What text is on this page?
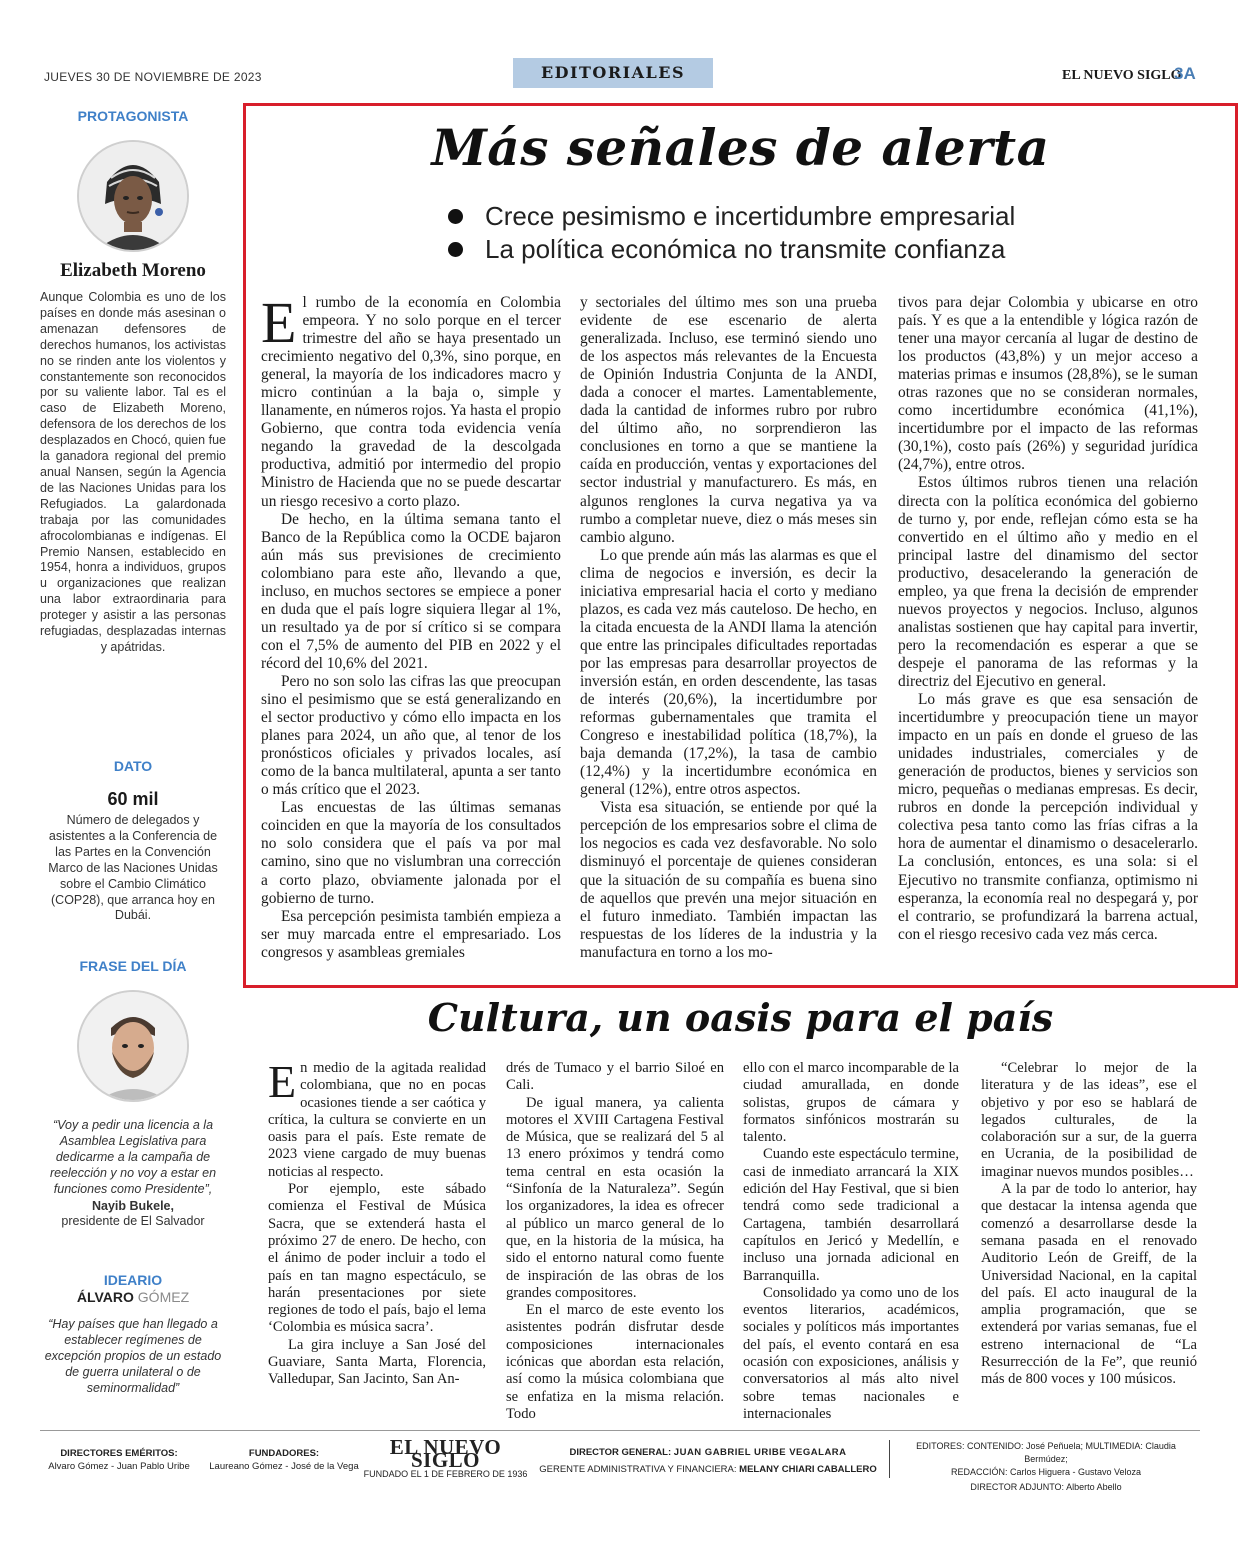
JUEVES 30 DE NOVIEMBRE DE 2023	EDITORIALES	EL NUEVO SIGLO
3A
PROTAGONISTA
Elizabeth Moreno
Aunque Colombia es uno de los países en donde más asesinan o amenazan defensores de derechos humanos, los activistas no se rinden ante los violentos y constantemente son reconocidos por su valiente labor. Tal es el caso de Elizabeth Moreno, defensora de los derechos de los desplazados en Chocó, quien fue la ganadora regional del premio anual Nansen, según la Agencia de las Naciones Unidas para los Refugiados. La galardonada trabaja por las comunidades afrocolombianas e indígenas. El Premio Nansen, establecido en 1954, honra a individuos, grupos u organizaciones que realizan una labor extraordinaria para proteger y asistir a las personas refugiadas, desplazadas internas y apátridas.
DATO
60 mil
Número de delegados y asistentes a la Conferencia de las Partes en la Convención Marco de las Naciones Unidas sobre el Cambio Climático (COP28), que arranca hoy en Dubái.
FRASE DEL DÍA
“Voy a pedir una licencia a la Asamblea Legislativa para dedicarme a la campaña de reelección y no voy a estar en funciones como Presidente”,
Nayib Bukele,
presidente de El Salvador
IDEARIO
ÁLVARO GÓMEZ
“Hay países que han llegado a establecer regímenes de excepción propios de un estado de guerra unilateral o de seminormalidad”
Más señales de alerta
Crece pesimismo e incertidumbre empresarial
La política económica no transmite confianza

El rumbo de la economía en Colombia empeora. Y no solo porque en el tercer trimestre del año se haya presentado un crecimiento negativo del 0,3%, sino porque, en general, la mayoría de los indicadores macro y micro continúan a la baja o, simple y llanamente, en números rojos. Ya hasta el propio Gobierno, que contra toda evidencia venía negando la gravedad de la descolgada productiva, admitió por intermedio del propio Ministro de Hacienda que no se puede descartar un riesgo recesivo a corto plazo.

De hecho, en la última semana tanto el Banco de la República como la OCDE bajaron aún más sus previsiones de crecimiento colombiano para este año, llevando a que, incluso, en muchos sectores se empiece a poner en duda que el país logre siquiera llegar al 1%, un resultado ya de por sí crítico si se compara con el 7,5% de aumento del PIB en 2022 y el récord del 10,6% del 2021.

Pero no son solo las cifras las que preocupan sino el pesimismo que se está generalizando en el sector productivo y cómo ello impacta en los planes para 2024, un año que, al tenor de los pronósticos oficiales y privados locales, así como de la banca multilateral, apunta a ser tanto o más crítico que el 2023.

Las encuestas de las últimas semanas coinciden en que la mayoría de los consultados no solo considera que el país va por mal camino, sino que no vislumbran una corrección a corto plazo, obviamente jalonada por el gobierno de turno.

Esa percepción pesimista también empieza a ser muy marcada entre el empresariado. Los congresos y asambleas gremiales

y sectoriales del último mes son una prueba evidente de ese escenario de alerta generalizada. Incluso, ese terminó siendo uno de los aspectos más relevantes de la Encuesta de Opinión Industria Conjunta de la ANDI, dada a conocer el martes. Lamentablemente, dada la cantidad de informes rubro por rubro del último año, no sorprendieron las conclusiones en torno a que se mantiene la caída en producción, ventas y exportaciones del sector industrial y manufacturero. Es más, en algunos renglones la curva negativa ya va rumbo a completar nueve, diez o más meses sin cambio alguno.

Lo que prende aún más las alarmas es que el clima de negocios e inversión, es decir la iniciativa empresarial hacia el corto y mediano plazos, es cada vez más cauteloso. De hecho, en la citada encuesta de la ANDI llama la atención que entre las principales dificultades reportadas por las empresas para desarrollar proyectos de inversión están, en orden descendente, las tasas de interés (20,6%), la incertidumbre por reformas gubernamentales que tramita el Congreso e inestabilidad política (18,7%), la baja demanda (17,2%), la tasa de cambio (12,4%) y la incertidumbre económica en general (12%), entre otros aspectos.

Vista esa situación, se entiende por qué la percepción de los empresarios sobre el clima de los negocios es cada vez desfavorable. No solo disminuyó el porcentaje de quienes consideran que la situación de su compañía es buena sino de aquellos que prevén una mejor situación en el futuro inmediato. También impactan las respuestas de los líderes de la industria y la manufactura en torno a los mo-

tivos para dejar Colombia y ubicarse en otro país. Y es que a la entendible y lógica razón de tener una mayor cercanía al lugar de destino de los productos (43,8%) y un mejor acceso a materias primas e insumos (28,8%), se le suman otras razones que no se consideran normales, como incertidumbre económica (41,1%), incertidumbre por el impacto de las reformas (30,1%), costo país (26%) y seguridad jurídica (24,7%), entre otros.

Estos últimos rubros tienen una relación directa con la política económica del gobierno de turno y, por ende, reflejan cómo esta se ha convertido en el último año y medio en el principal lastre del dinamismo del sector productivo, desacelerando la generación de empleo, ya que frena la decisión de emprender nuevos proyectos y negocios. Incluso, algunos analistas sostienen que hay capital para invertir, pero la recomendación es esperar a que se despeje el panorama de las reformas y la directriz del Ejecutivo en general.

Lo más grave es que esa sensación de incertidumbre y preocupación tiene un mayor impacto en un país en donde el grueso de las unidades industriales, comerciales y de generación de productos, bienes y servicios son micro, pequeñas o medianas empresas. Es decir, rubros en donde la percepción individual y colectiva pesa tanto como las frías cifras a la hora de aumentar el dinamismo o desacelerarlo. La conclusión, entonces, es una sola: si el Ejecutivo no transmite confianza, optimismo ni esperanza, la economía real no despegará y, por el contrario, se profundizará la barrena actual, con el riesgo recesivo cada vez más cerca.

Cultura, un oasis para el país

En medio de la agitada realidad colombiana, que no en pocas ocasiones tiende a ser caótica y crítica, la cultura se convierte en un oasis para el país. Este remate de 2023 viene cargado de muy buenas noticias al respecto.

Por ejemplo, este sábado comienza el Festival de Música Sacra, que se extenderá hasta el próximo 27 de enero. De hecho, con el ánimo de poder incluir a todo el país en tan magno espectáculo, se harán presentaciones por siete regiones de todo el país, bajo el lema ‘Colombia es música sacra’.

La gira incluye a San José del Guaviare, Santa Marta, Florencia, Valledupar, San Jacinto, San An-

drés de Tumaco y el barrio Siloé en Cali.

De igual manera, ya calienta motores el XVIII Cartagena Festival de Música, que se realizará del 5 al 13 enero próximos y tendrá como tema central en esta ocasión la “Sinfonía de la Naturaleza”. Según los organizadores, la idea es ofrecer al público un marco general de lo que, en la historia de la música, ha sido el entorno natural como fuente de inspiración de las obras de los grandes compositores.

En el marco de este evento los asistentes podrán disfrutar desde composiciones internacionales icónicas que abordan esta relación, así como la música colombiana que se enfatiza en la misma relación. Todo

ello con el marco incomparable de la ciudad amurallada, en donde solistas, grupos de cámara y formatos sinfónicos mostrarán su talento.

Cuando este espectáculo termine, casi de inmediato arrancará la XIX edición del Hay Festival, que si bien tendrá como sede tradicional a Cartagena, también desarrollará capítulos en Jericó y Medellín, e incluso una jornada adicional en Barranquilla.

Consolidado ya como uno de los eventos literarios, académicos, sociales y políticos más importantes del país, el evento contará en esa ocasión con exposiciones, análisis y conversatorios al más alto nivel sobre temas nacionales e internacionales

“Celebrar lo mejor de la literatura y de las ideas”, ese el objetivo y por eso se hablará de legados culturales, de la colaboración sur a sur, de la guerra en Ucrania, de la posibilidad de imaginar nuevos mundos posibles…

A la par de todo lo anterior, hay que destacar la intensa agenda que comenzó a desarrollarse desde la semana pasada en el renovado Auditorio León de Greiff, de la Universidad Nacional, en la capital del país. El acto inaugural de la amplia programación, que se extenderá por varias semanas, fue el estreno internacional de “La Resurrección de la Fe”, que reunió más de 800 voces y 100 músicos.

DIRECTORES EMÉRITOS:
Alvaro Gómez - Juan Pablo Uribe
FUNDADORES:
Laureano Gómez - José de la Vega
EL NUEVO SIGLO
FUNDADO EL 1 DE FEBRERO DE 1936
DIRECTOR GENERAL: JUAN GABRIEL URIBE VEGALARA
GERENTE ADMINISTRATIVA Y FINANCIERA: MELANY CHIARI CABALLERO
EDITORES: CONTENIDO: José Peñuela; MULTIMEDIA: Claudia Bermúdez;
REDACCIÓN: Carlos Higuera - Gustavo Veloza
DIRECTOR ADJUNTO: Alberto Abello
